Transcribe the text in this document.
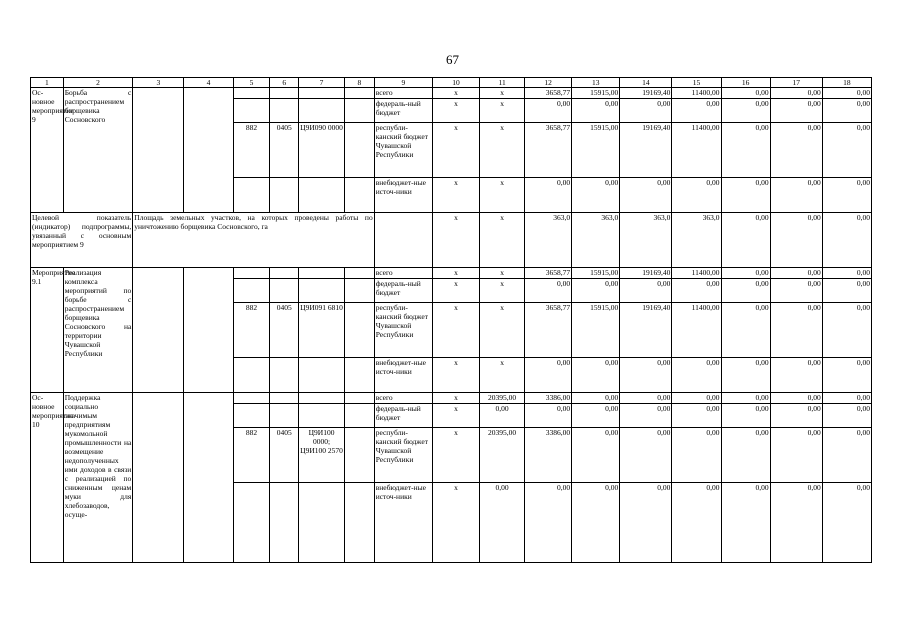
67
1	2	3	4	5	6	7	8	9	10	11	12	13	14	15	16	17	18
Ос-новное мероприятие 9	Борьба с распространением борщевика Сосновского							всего	x	x	3658,77	15915,00	19169,40	11400,00	0,00	0,00	0,00
								федераль-ный бюджет	x	x	0,00	0,00	0,00	0,00	0,00	0,00	0,00
				882	0405	Ц9И090 0000		республи-канский бюджет Чувашской Республики	x	x	3658,77	15915,00	19169,40	11400,00	0,00	0,00	0,00
								внебюджет-ные источ-ники	x	x	0,00	0,00	0,00	0,00	0,00	0,00	0,00
Целевой показатель (индикатор) подпрограммы, увязанный с основным мероприятием 9		Площадь земельных участков, на которых проведены работы по уничтожению борщевика Сосновского, га							x	x	363,0	363,0	363,0	363,0	0,00	0,00	0,00
Мероприятие 9.1	Реализация комплекса мероприятий по борьбе с распространением борщевика Сосновского на территории Чувашской Республики							всего	x	x	3658,77	15915,00	19169,40	11400,00	0,00	0,00	0,00
								федераль-ный бюджет	x	x	0,00	0,00	0,00	0,00	0,00	0,00	0,00
				882	0405	Ц9И091 6810		республи-канский бюджет Чувашской Республики	x	x	3658,77	15915,00	19169,40	11400,00	0,00	0,00	0,00
								внебюджет-ные источ-ники	x	x	0,00	0,00	0,00	0,00	0,00	0,00	0,00
Ос-новное мероприятие 10	Поддержка социально значимым предприятиям мукомольной промышленности на возмещение недополученных ими доходов в связи с реализацией по сниженным ценам муки для хлебозаводов, осуще-							всего	x	20395,00	3386,00	0,00	0,00	0,00	0,00	0,00	0,00
								федераль-ный бюджет	x	0,00	0,00	0,00	0,00	0,00	0,00	0,00	0,00
				882	0405	Ц9И100 0000; Ц9И100 2570		республи-канский бюджет Чувашской Республики	x	20395,00	3386,00	0,00	0,00	0,00	0,00	0,00	0,00
								внебюджет-ные источ-ники	x	0,00	0,00	0,00	0,00	0,00	0,00	0,00	0,00
